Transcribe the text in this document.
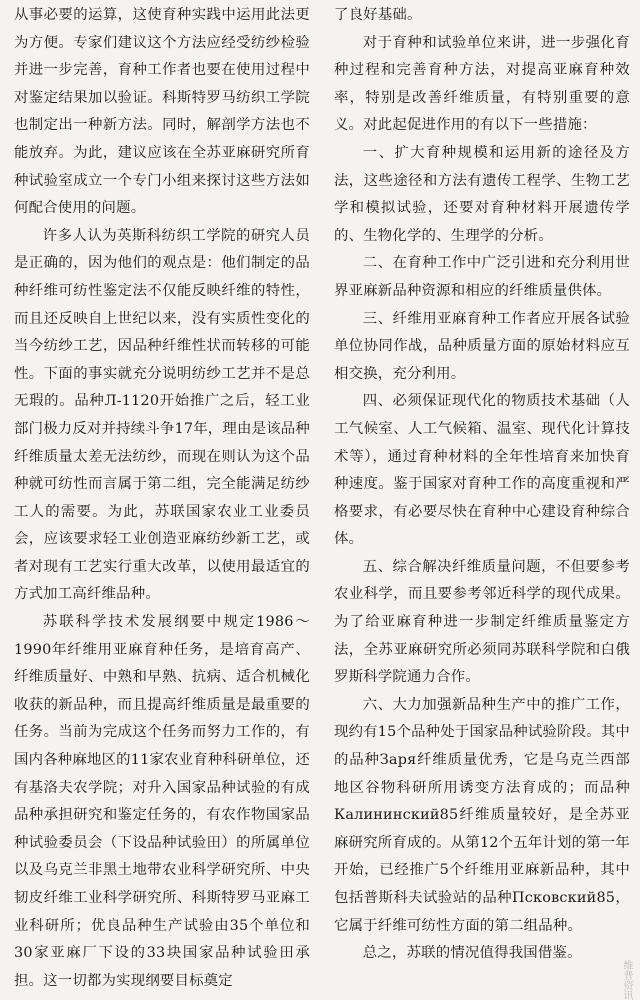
从事必要的运算，这使育种实践中运用此法更为方便。专家们建议这个方法应经受纺纱检验并进一步完善，育种工作者也要在使用过程中对鉴定结果加以验证。科斯特罗马纺织工学院也制定出一种新方法。同时，解剖学方法也不能放弃。为此，建议应该在全苏亚麻研究所育种试验室成立一个专门小组来探讨这些方法如何配合使用的问题。

许多人认为英斯科纺织工学院的研究人员是正确的，因为他们的观点是：他们制定的品种纤维可纺性鉴定法不仅能反映纤维的特性，而且还反映自上世纪以来，没有实质性变化的当今纺纱工艺，因品种纤维性状而转移的可能性。下面的事实就充分说明纺纱工艺并不是总无瑕的。品种Л-1120开始推广之后，轻工业部门极力反对并持续斗争17年，理由是该品种纤维质量太差无法纺纱，而现在则认为这个品种就可纺性而言属于第二组，完全能满足纺纱工人的需要。为此，苏联国家农业工业委员会，应该要求轻工业创造亚麻纺纱新工艺，或者对现有工艺实行重大改革，以使用最适宜的方式加工高纤维品种。

苏联科学技术发展纲要中规定1986～1990年纤维用亚麻育种任务，是培育高产、纤维质量好、中熟和早熟、抗病、适合机械化收获的新品种，而且提高纤维质量是最重要的任务。当前为完成这个任务而努力工作的，有国内各种麻地区的11家农业育种科研单位，还有基洛夫农学院；对升入国家品种试验的有成品种承担研究和鉴定任务的，有农作物国家品种试验委员会（下设品种试验田）的所属单位以及乌克兰非黑土地带农业科学研究所、中央韧皮纤维工业科学研究所、科斯特罗马亚麻工业科研所；优良品种生产试验由35个单位和30家亚麻厂下设的33块国家品种试验田承担。这一切都为实现纲要目标奠定

了良好基础。

对于育种和试验单位来讲，进一步强化育种过程和完善育种方法，对提高亚麻育种效率，特别是改善纤维质量，有特别重要的意义。对此起促进作用的有以下一些措施：

一、扩大育种规模和运用新的途径及方法，这些途径和方法有遗传工程学、生物工艺学和模拟试验，还要对育种材料开展遗传学的、生物化学的、生理学的分析。

二、在育种工作中广泛引进和充分利用世界亚麻新品种资源和相应的纤维质量供体。

三、纤维用亚麻育种工作者应开展各试验单位协同作战，品种质量方面的原始材料应互相交换，充分利用。

四、必须保证现代化的物质技术基础（人工气候室、人工气候箱、温室、现代化计算技术等），通过育种材料的全年性培育来加快育种速度。鉴于国家对育种工作的高度重视和严格要求，有必要尽快在育种中心建设育种综合体。

五、综合解决纤维质量问题，不但要参考农业科学，而且要参考邻近科学的现代成果。为了给亚麻育种进一步制定纤维质量鉴定方法，全苏亚麻研究所必须同苏联科学院和白俄罗斯科学院通力合作。

六、大力加强新品种生产中的推广工作，现约有15个品种处于国家品种试验阶段。其中的品种Заря纤维质量优秀，它是乌克兰西部地区谷物科研所用诱变方法育成的；而品种Калининский85纤维质量较好，是全苏亚麻研究所育成的。从第12个五年计划的第一年开始，已经推广5个纤维用亚麻新品种，其中包括普斯科夫试验站的品种Псковский85，它属于纤维可纺性方面的第二组品种。

总之，苏联的情况值得我国借鉴。

维普资讯
